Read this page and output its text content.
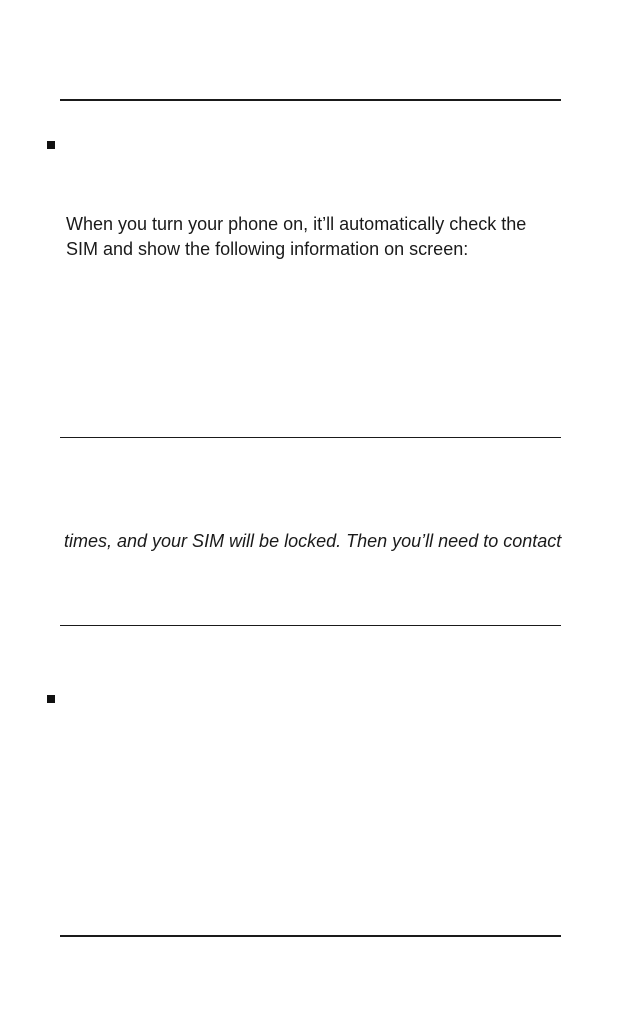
When you turn your phone on, it’ll automatically check the
SIM and show the following information on screen:
times, and your SIM will be locked. Then you’ll need to contact
